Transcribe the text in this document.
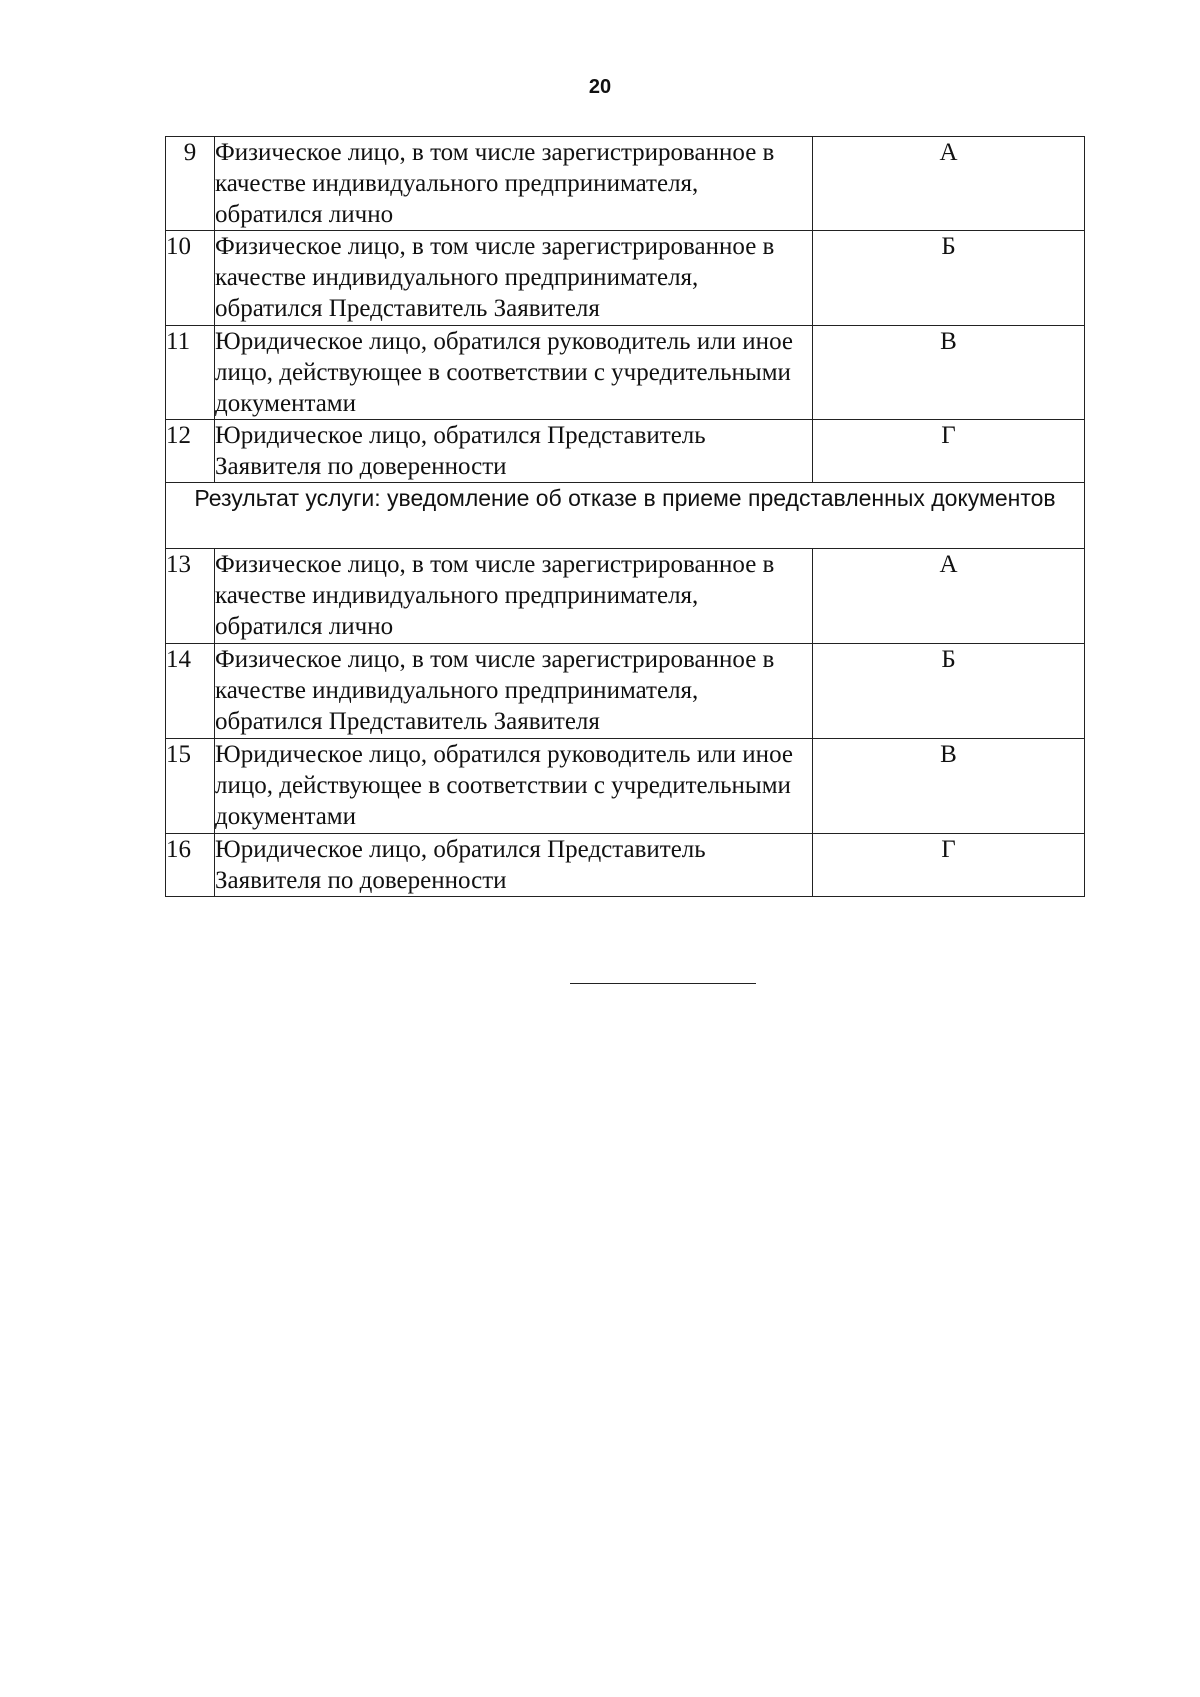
20
9	Физическое лицо, в том числе зарегистрированное в качестве индивидуального предпринимателя, обратился лично	А
10	Физическое лицо, в том числе зарегистрированное в качестве индивидуального предпринимателя, обратился Представитель Заявителя	Б
11	Юридическое лицо, обратился руководитель или иное лицо, действующее в соответствии с учредительными документами	В
12	Юридическое лицо, обратился Представитель Заявителя по доверенности	Г
Результат услуги: уведомление об отказе в приеме представленных документов		
13	Физическое лицо, в том числе зарегистрированное в качестве индивидуального предпринимателя, обратился лично	А
14	Физическое лицо, в том числе зарегистрированное в качестве индивидуального предпринимателя, обратился Представитель Заявителя	Б
15	Юридическое лицо, обратился руководитель или иное лицо, действующее в соответствии с учредительными документами	В
16	Юридическое лицо, обратился Представитель Заявителя по доверенности	Г
